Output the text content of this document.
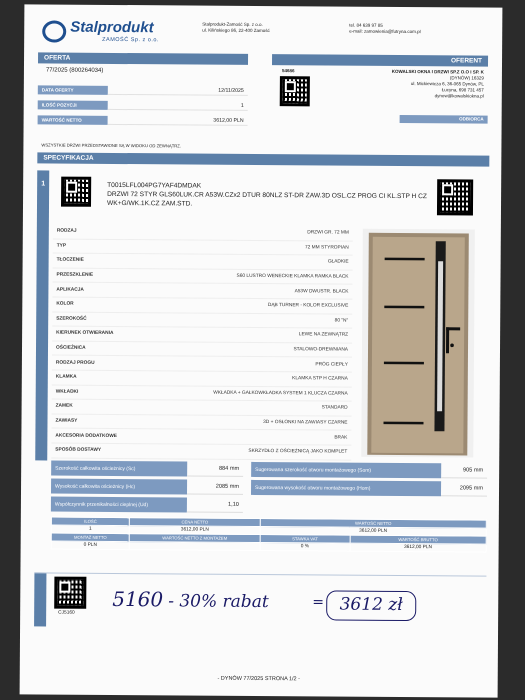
Stalprodukt
ZAMOŚĆ Sp. z o.o.
Stalprodukt-Zamość Sp. z o.o.
ul. Kilińskiego 86, 22-400 Zamość
tel. 84 639 97 85
e-mail: zamowienia@futryna.com.pl
OFERTA
77/2025 (800264034)
DATA OFERTY	12/11/2025
ILOŚĆ POZYCJI	1
WARTOŚĆ NETTO	3612,00 PLN
OFERENT
54686	KOWALSKI OKNA I DRZWI SP.Z O.O I SP. K
(DYNÓW) 16329
ul. Mickiewicza 6, 36-065 Dynów, PL
Łucyna, 698 731 457
dynow@kowalskiokna.pl
ODBIORCA
WSZYSTKIE DRZWI PRZEDSTAWIONE SĄ W WIDOKU OD ZEWNĄTRZ.
SPECYFIKACJA
1	T0015LFL004PG7YAF4DMDAK
DRZWI 72 STYR GLS60LUK.CR A53W.CZx2 DTUR 80NLZ ST-DR ZAW.3D OSL.CZ PROG CI KL.STP H CZ WK+G/WK.1K.CZ ZAM.STD.
RODZAJ	DRZWI GR. 72 MM
TYP	72 MM STYROPIAN
TŁOCZENIE	GŁADKIE
PRZESZKLENIE	S60 LUSTRO WENECKIE KLAMKA RAMKA BLACK
APLIKACJA	A53W DWUSTR. BLACK
KOLOR	DĄB TURNER - KOLOR EXCLUSIVE
SZEROKOŚĆ	80 "N"
KIERUNEK OTWIERANIA	LEWE NA ZEWNĄTRZ
OŚCIEŻNICA	STALOWO-DREWNIANA
RODZAJ PROGU	PRÓG CIEPŁY
KLAMKA	KLAMKA STP H CZARNA
WKŁADKI	WKŁADKA + GAŁKOWKŁADKA SYSTEM 1 KLUCZA CZARNA
ZAMEK	STANDARD
ZAWIASY	3D + OSŁONKI NA ZAWIASY CZARNE
AKCESORIA DODATKOWE	BRAK
SPOSÓB DOSTAWY	SKRZYDŁO Z OŚCIEŻNICĄ JAKO KOMPLET
Szerokość całkowita ościeżnicy (Sc)	884 mm
Wysokość całkowita ościeżnicy (Hc)	2085 mm
Współczynnik przenikalności cieplnej (Ud)	1,10
Sugerowana szerokość otworu montażowego (Som)	905 mm
Sugerowana wysokość otworu montażowego (Hom)	2095 mm
ILOŚĆ	CENA NETTO	WARTOŚĆ NETTO	
1	3612,00 PLN	3612,00 PLN	
MONTAŻ NETTO	WARTOŚĆ NETTO Z MONTAŻEM	STAWKA VAT	WARTOŚĆ BRUTTO
0 PLN		0 %	3612,00 PLN
CJ5160
5160 - 30% rabat	= 3612 zł
- DYNÓW 77/2025 STRONA 1/2 -
